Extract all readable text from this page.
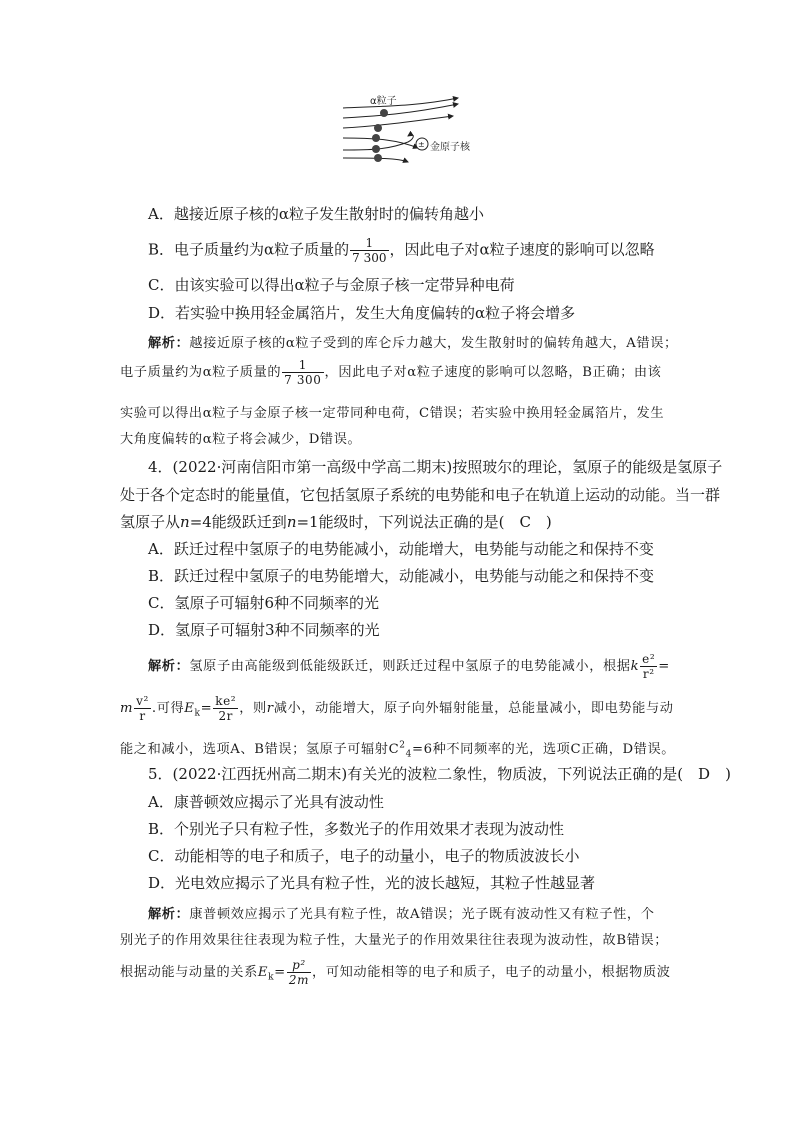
α粒子
± 金原子核
A．越接近原子核的α粒子发生散射时的偏转角越小
B．电子质量约为α粒子质量的 $\frac{1}{7 300}$ ，因此电子对α粒子速度的影响可以忽略
C．由该实验可以得出α粒子与金原子核一定带异种电荷
D．若实验中换用轻金属箔片，发生大角度偏转的α粒子将会增多
解析：越接近原子核的α粒子受到的库仑斥力越大，发生散射时的偏转角越大，A错误；
电子质量约为α粒子质量的 $\frac{1}{7 300}$ ，因此电子对α粒子速度的影响可以忽略，B正确；由该
实验可以得出α粒子与金原子核一定带同种电荷，C错误；若实验中换用轻金属箔片，发生
大角度偏转的α粒子将会减少，D错误。
4．(2022·河南信阳市第一高级中学高二期末)按照玻尔的理论，氢原子的能级是氢原子
处于各个定态时的能量值，它包括氢原子系统的电势能和电子在轨道上运动的动能。当一群
氢原子从n=4能级跃迁到n=1能级时，下列说法正确的是(　C　)
A．跃迁过程中氢原子的电势能减小，动能增大，电势能与动能之和保持不变
B．跃迁过程中氢原子的电势能增大，动能减小，电势能与动能之和保持不变
C．氢原子可辐射6种不同频率的光
D．氢原子可辐射3种不同频率的光
解析：氢原子由高能级到低能级跃迁，则跃迁过程中氢原子的电势能减小，根据k $\frac{\text{e²}}{\text{r²}}$ =
m $\frac{\text{v²}}{r}$ .可得$E_k= \frac{\text{ke²}}{2r}$ ，则r减小，动能增大，原子向外辐射能量，总能量减小，即电势能与动
能之和减小，选项A、B错误；氢原子可辐射$C^2_4=6$种不同频率的光，选项C正确，D错误。
5．(2022·江西抚州高二期末)有关光的波粒二象性，物质波，下列说法正确的是(　D　)
A．康普顿效应揭示了光具有波动性
B．个别光子只有粒子性，多数光子的作用效果才表现为波动性
C．动能相等的电子和质子，电子的动量小，电子的物质波波长小
D．光电效应揭示了光具有粒子性，光的波长越短，其粒子性越显著
解析：康普顿效应揭示了光具有粒子性，故A错误；光子既有波动性又有粒子性，个
别光子的作用效果往往表现为粒子性，大量光子的作用效果往往表现为波动性，故B错误；
根据动能与动量的关系$E_k= \frac{\text{p²}}{2m}$ ，可知动能相等的电子和质子，电子的动量小，根据物质波
